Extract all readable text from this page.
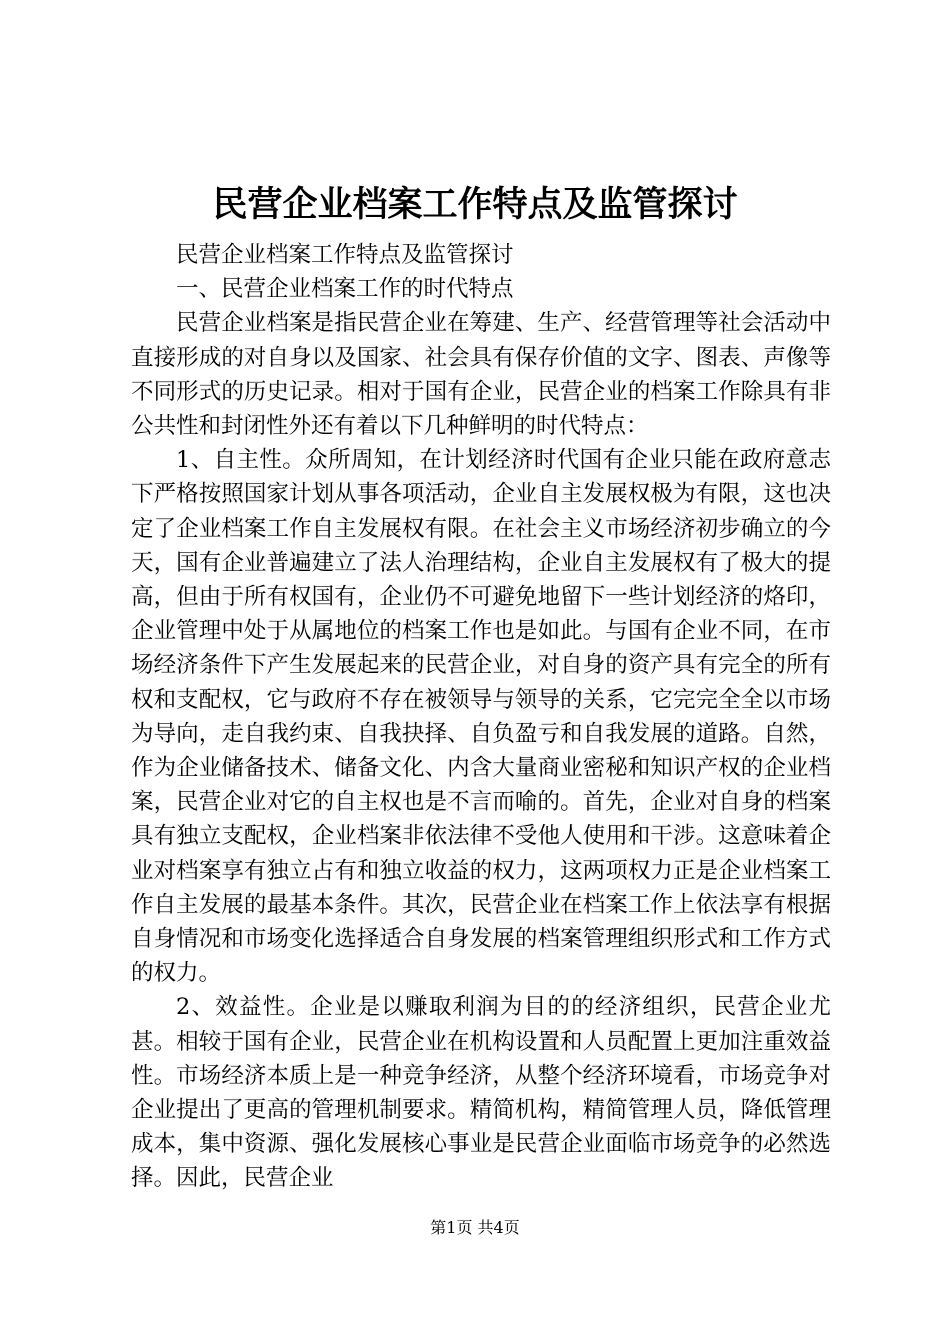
民营企业档案工作特点及监管探讨

民营企业档案工作特点及监管探讨

一、民营企业档案工作的时代特点

民营企业档案是指民营企业在筹建、生产、经营管理等社会活动中直接形成的对自身以及国家、社会具有保存价值的文字、图表、声像等不同形式的历史记录。相对于国有企业，民营企业的档案工作除具有非公共性和封闭性外还有着以下几种鲜明的时代特点：

1、自主性。众所周知，在计划经济时代国有企业只能在政府意志下严格按照国家计划从事各项活动，企业自主发展权极为有限，这也决定了企业档案工作自主发展权有限。在社会主义市场经济初步确立的今天，国有企业普遍建立了法人治理结构，企业自主发展权有了极大的提高，但由于所有权国有，企业仍不可避免地留下一些计划经济的烙印，企业管理中处于从属地位的档案工作也是如此。与国有企业不同，在市场经济条件下产生发展起来的民营企业，对自身的资产具有完全的所有权和支配权，它与政府不存在被领导与领导的关系，它完完全全以市场为导向，走自我约束、自我抉择、自负盈亏和自我发展的道路。自然，作为企业储备技术、储备文化、内含大量商业密秘和知识产权的企业档案，民营企业对它的自主权也是不言而喻的。首先，企业对自身的档案具有独立支配权，企业档案非依法律不受他人使用和干涉。这意味着企业对档案享有独立占有和独立收益的权力，这两项权力正是企业档案工作自主发展的最基本条件。其次，民营企业在档案工作上依法享有根据自身情况和市场变化选择适合自身发展的档案管理组织形式和工作方式的权力。

2、效益性。企业是以赚取利润为目的的经济组织，民营企业尤甚。相较于国有企业，民营企业在机构设置和人员配置上更加注重效益性。市场经济本质上是一种竞争经济，从整个经济环境看，市场竞争对企业提出了更高的管理机制要求。精简机构，精简管理人员，降低管理成本，集中资源、强化发展核心事业是民营企业面临市场竞争的必然选择。因此，民营企业

第1页 共4页
